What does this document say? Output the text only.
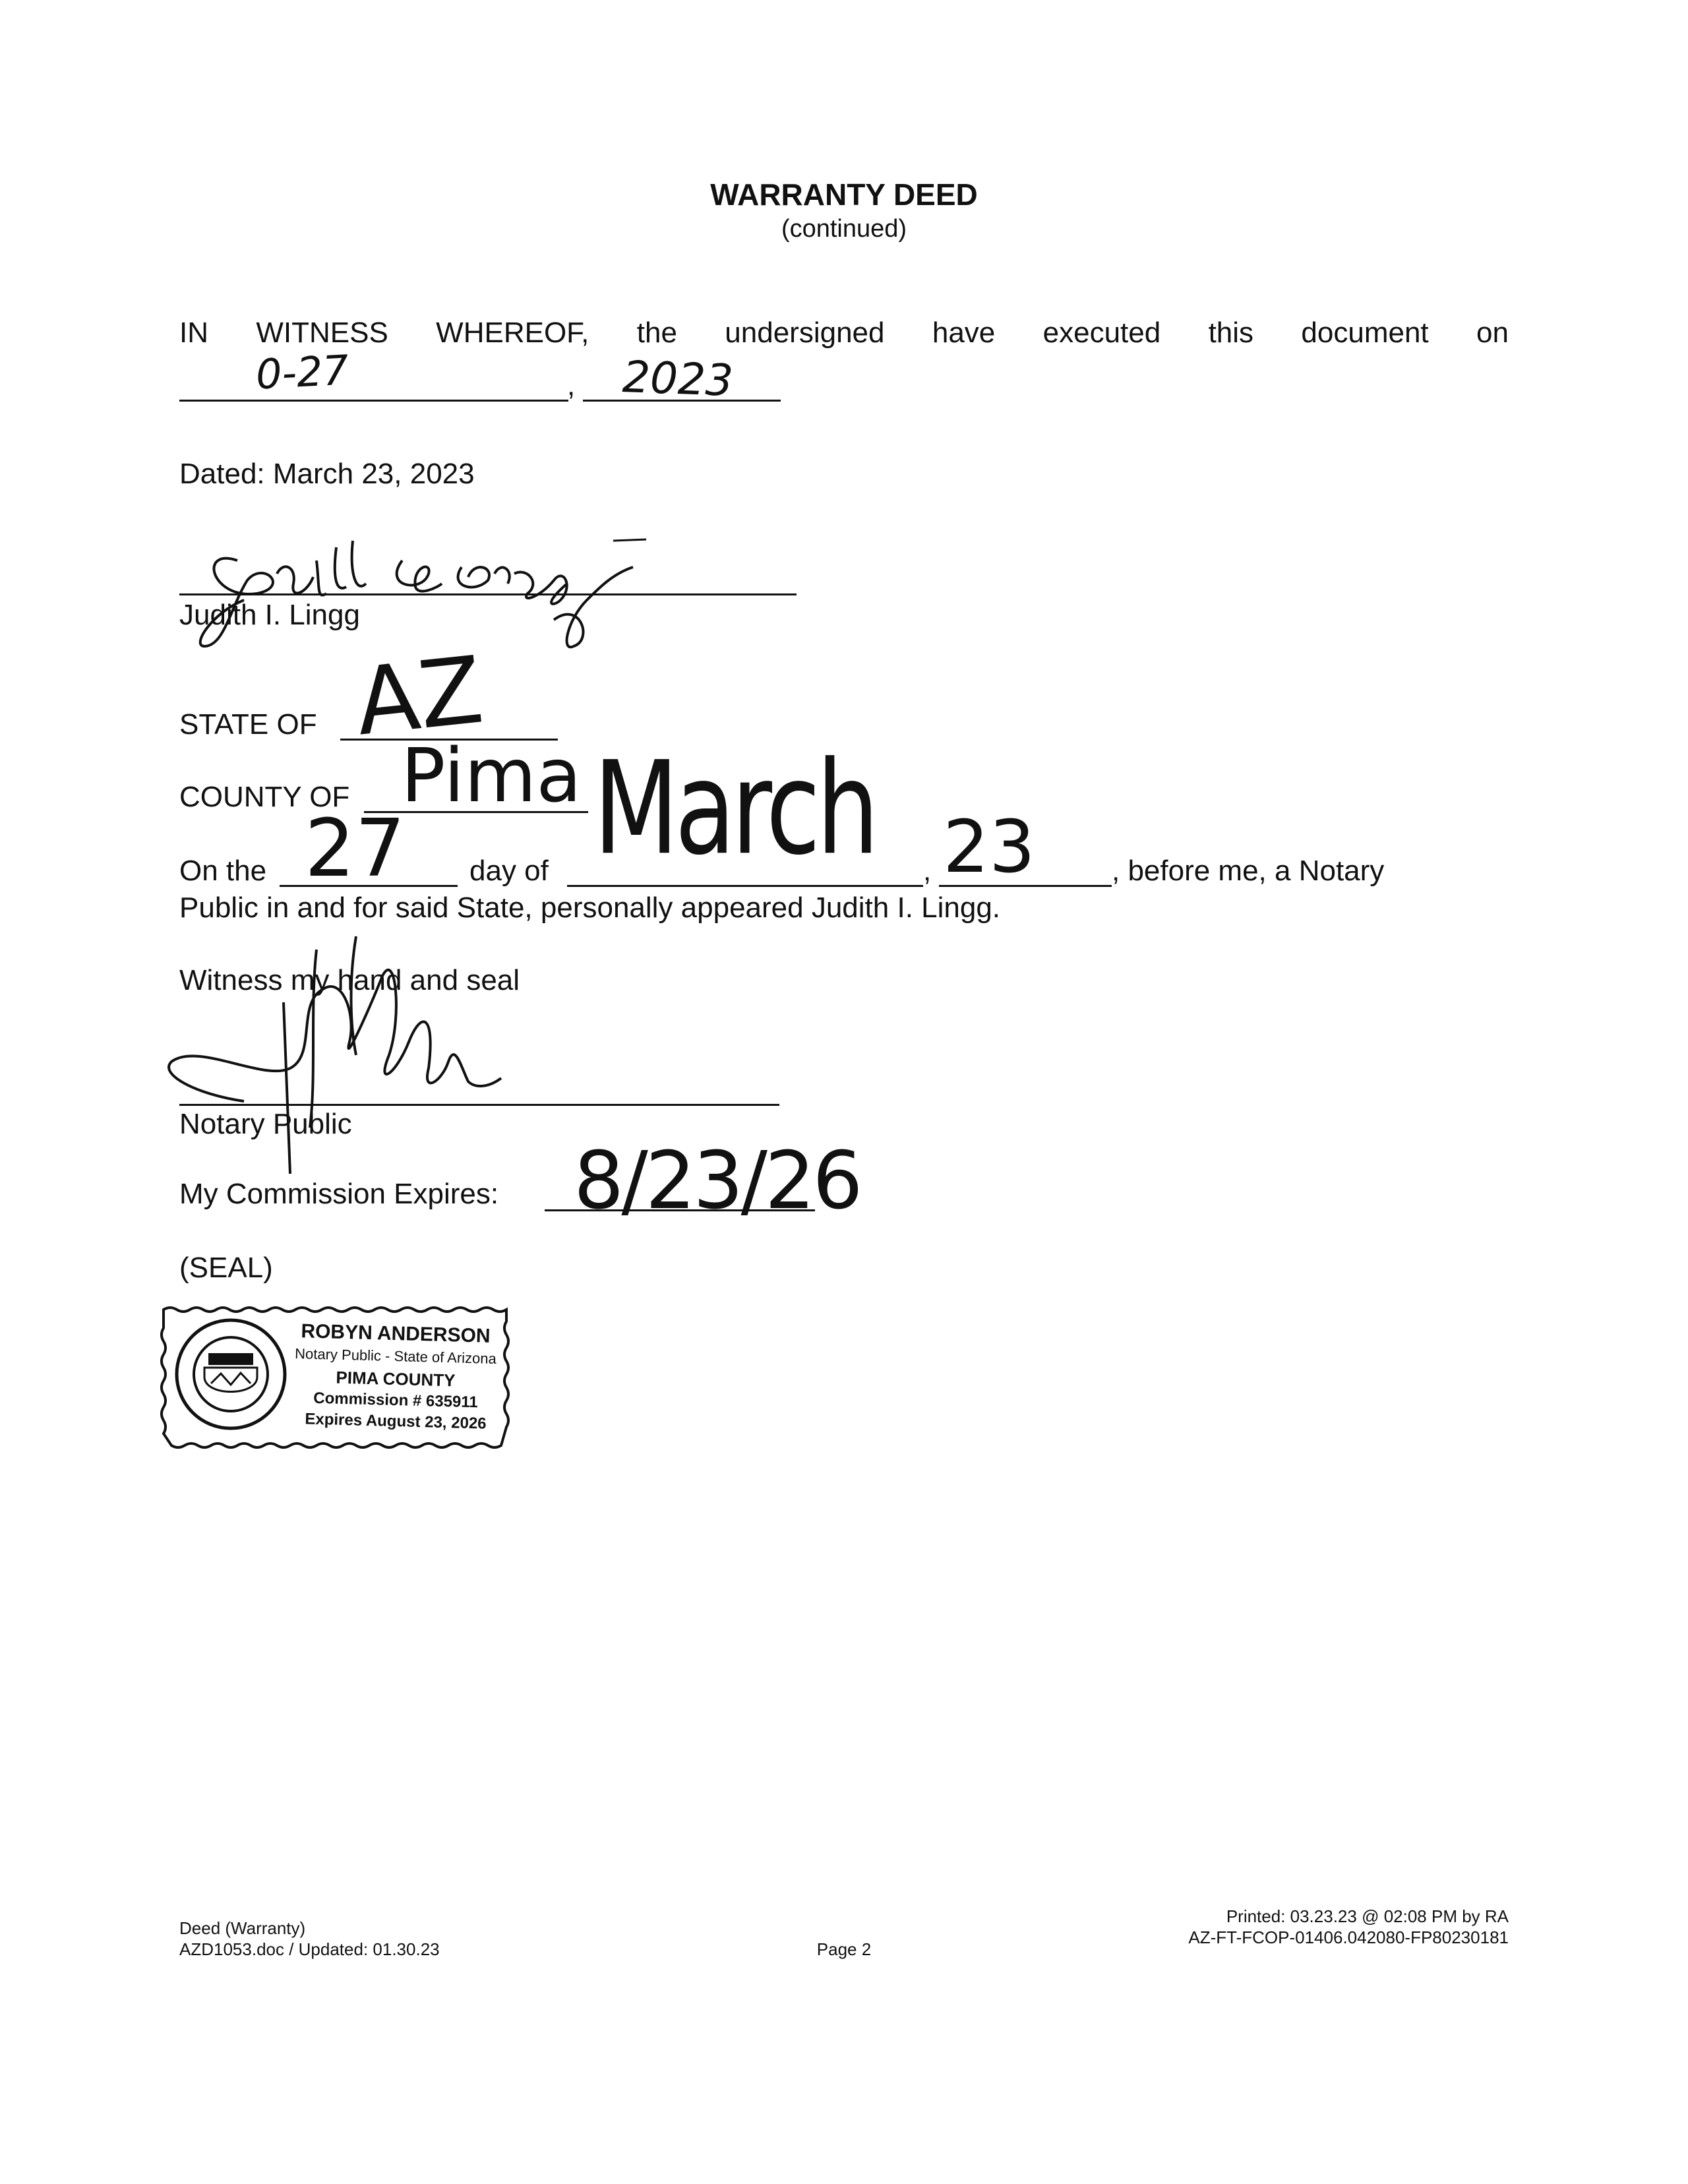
WARRANTY DEED
(continued)
IN WITNESS WHEREOF, the undersigned have executed this document on
,
0-27	2023
Dated: March 23, 2023
Judith I. Lingg
STATE OF AZ
COUNTY OF Pima
On the 27 day of March , 23	, before me, a Notary
Public in and for said State, personally appeared Judith I. Lingg.
Witness my hand and seal
Notary Public
My Commission Expires: 8/23/26
(SEAL)
ROBYN ANDERSON
Notary Public - State of Arizona
PIMA COUNTY
Commission # 635911
Expires August 23, 2026
Deed (Warranty)
AZD1053.doc / Updated: 01.30.23	Page 2
Printed: 03.23.23 @ 02:08 PM by RA
AZ-FT-FCOP-01406.042080-FP80230181
